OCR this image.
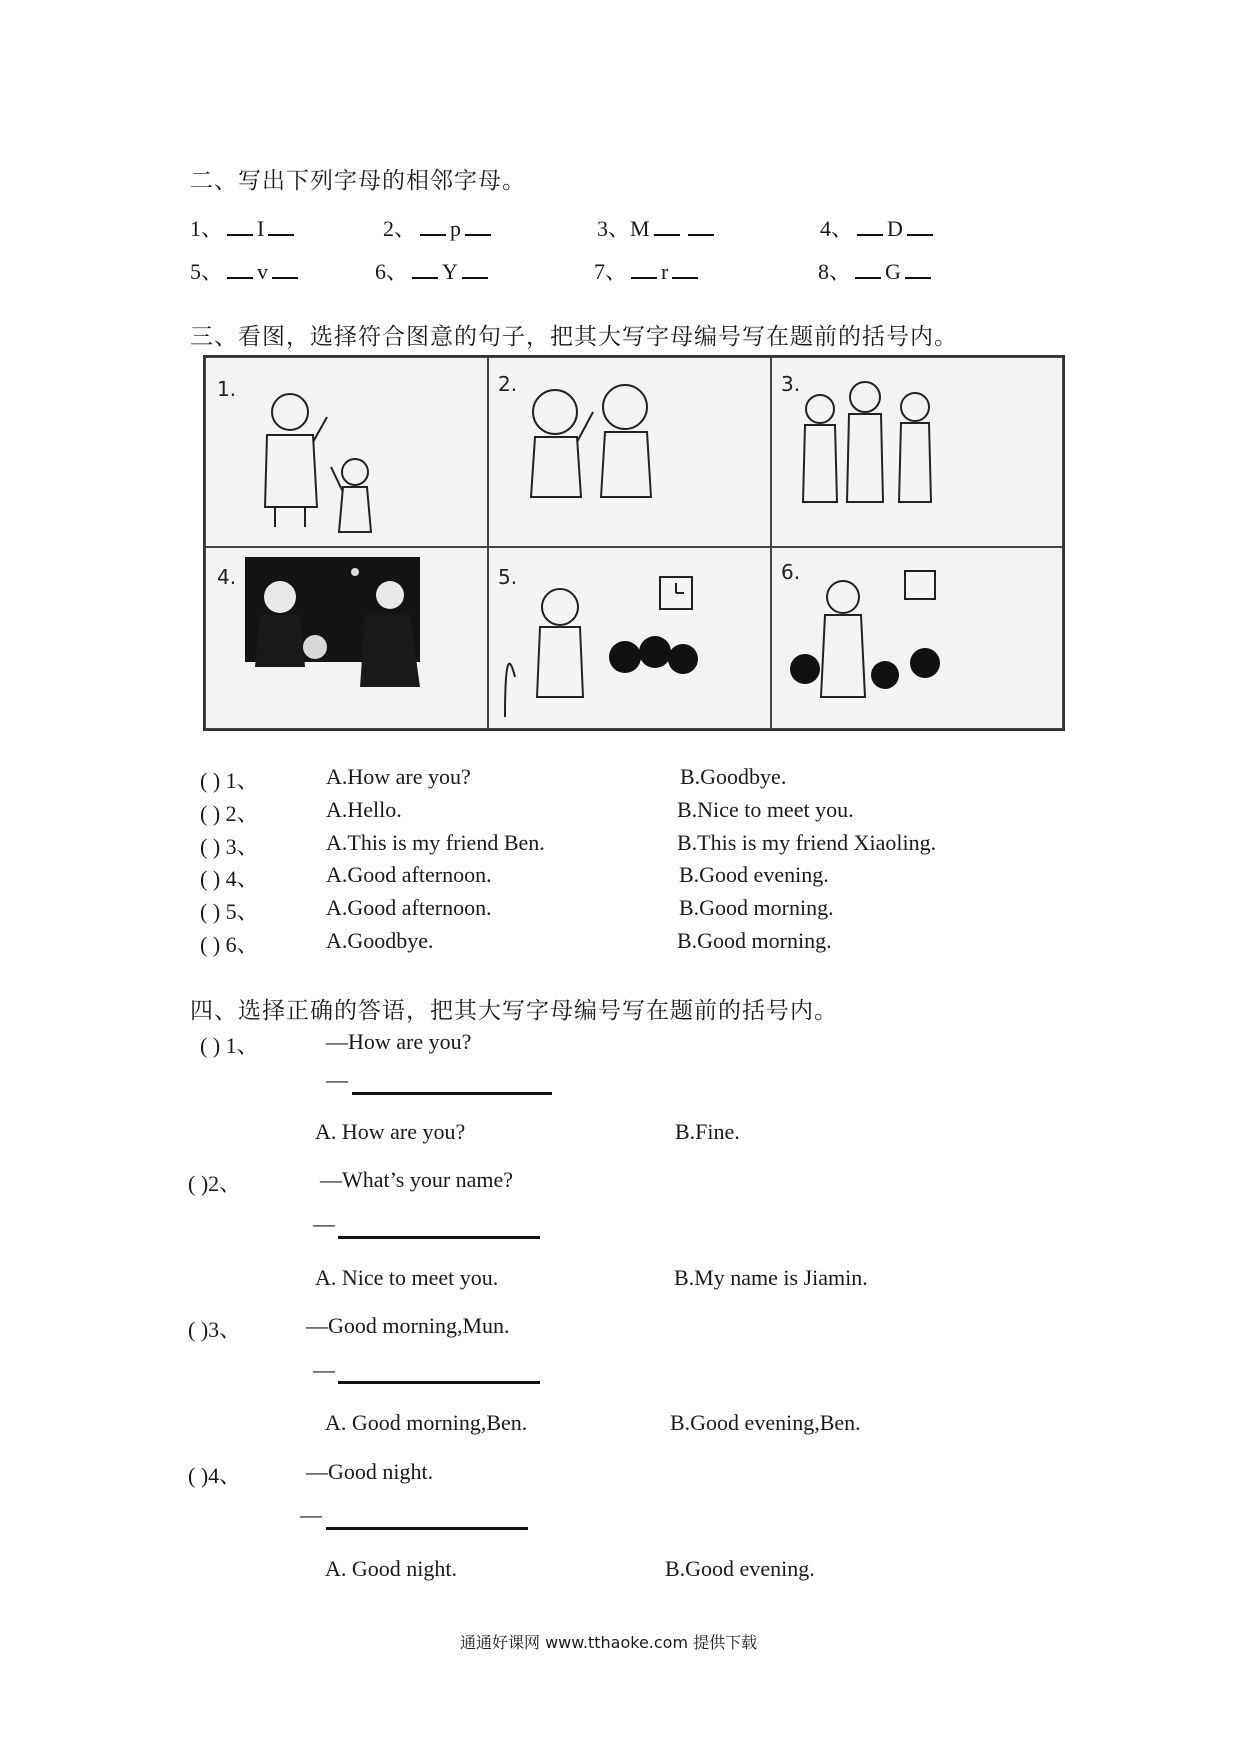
二、写出下列字母的相邻字母。
1、 I	2、 p	3、M	4、 D
5、 v	6、 Y	7、 r	8、 G
三、看图，选择符合图意的句子，把其大写字母编号写在题前的括号内。
1.	2.	3.
4.	5.	6.
( ) 1、	A.How are you?	B.Goodbye.
( ) 2、	A.Hello.	B.Nice to meet you.
( ) 3、	A.This is my friend Ben.	B.This is my friend Xiaoling.
( ) 4、	A.Good afternoon.	B.Good evening.
( ) 5、	A.Good afternoon.	B.Good morning.
( ) 6、	A.Goodbye.	B.Good morning.
四、选择正确的答语，把其大写字母编号写在题前的括号内。
( ) 1、	—How are you?
—
A. How are you?	B.Fine.
( )2、	—What’s your name?
—
A. Nice to meet you.	B.My name is Jiamin.
( )3、	—Good morning,Mun.
—
A. Good morning,Ben.	B.Good evening,Ben.
( )4、	—Good night.
—
A. Good night.	B.Good evening.
通通好课网 www.tthaoke.com 提供下载
